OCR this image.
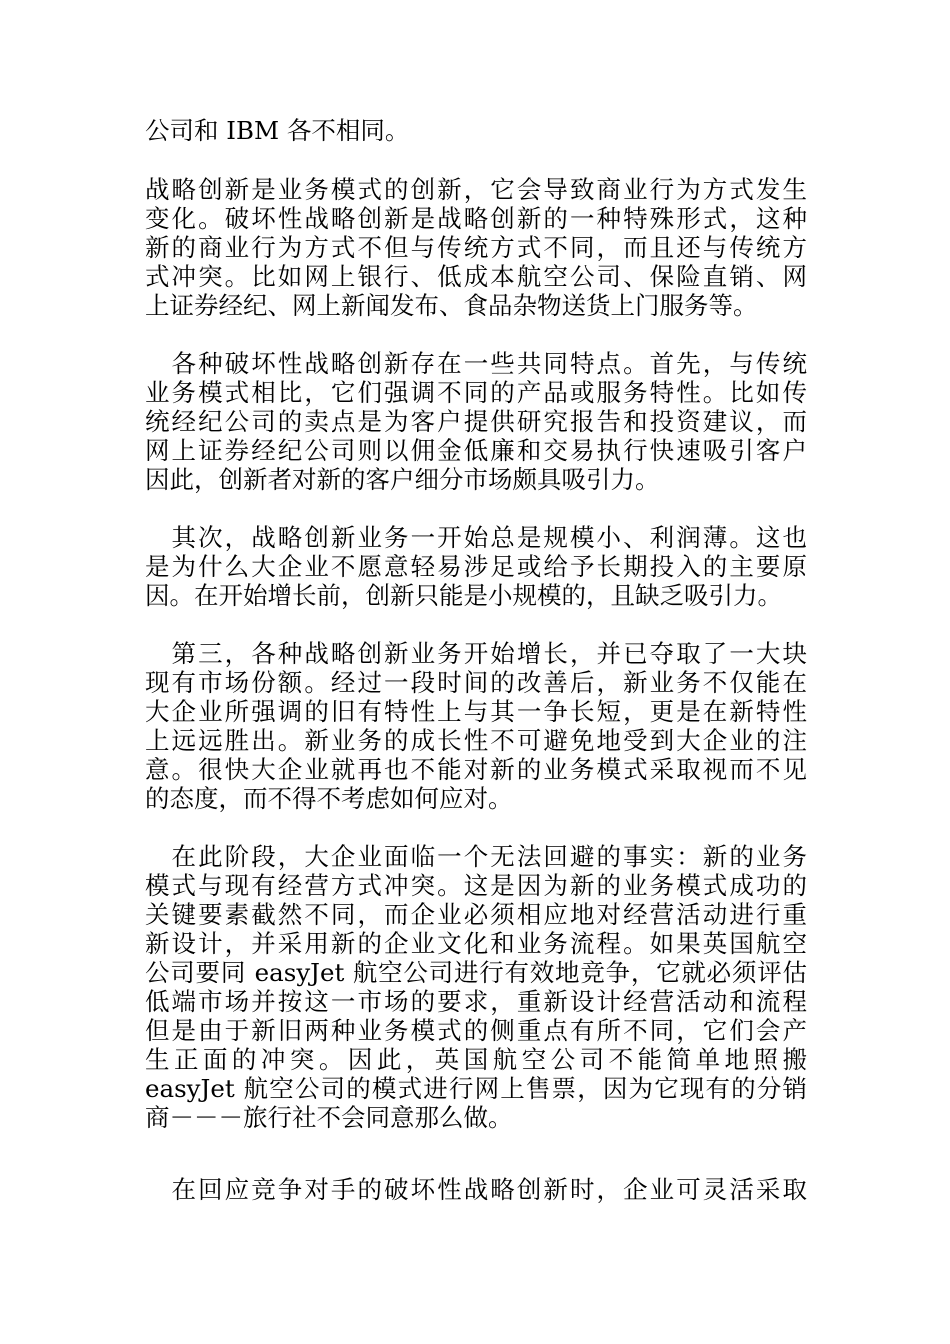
公司和 IBM 各不相同。
战略创新是业务模式的创新，它会导致商业行为方式发生
变化。破坏性战略创新是战略创新的一种特殊形式，这种
新的商业行为方式不但与传统方式不同，而且还与传统方
式冲突。比如网上银行、低成本航空公司、保险直销、网
上证券经纪、网上新闻发布、食品杂物送货上门服务等。
　各种破坏性战略创新存在一些共同特点。首先，与传统
业务模式相比，它们强调不同的产品或服务特性。比如传
统经纪公司的卖点是为客户提供研究报告和投资建议，而
网上证券经纪公司则以佣金低廉和交易执行快速吸引客户
因此，创新者对新的客户细分市场颇具吸引力。
　其次，战略创新业务一开始总是规模小、利润薄。这也
是为什么大企业不愿意轻易涉足或给予长期投入的主要原
因。在开始增长前，创新只能是小规模的，且缺乏吸引力。
　第三，各种战略创新业务开始增长，并已夺取了一大块
现有市场份额。经过一段时间的改善后，新业务不仅能在
大企业所强调的旧有特性上与其一争长短，更是在新特性
上远远胜出。新业务的成长性不可避免地受到大企业的注
意。很快大企业就再也不能对新的业务模式采取视而不见
的态度，而不得不考虑如何应对。
　在此阶段，大企业面临一个无法回避的事实：新的业务
模式与现有经营方式冲突。这是因为新的业务模式成功的
关键要素截然不同，而企业必须相应地对经营活动进行重
新设计，并采用新的企业文化和业务流程。如果英国航空
公司要同 easyJet 航空公司进行有效地竞争，它就必须评估
低端市场并按这一市场的要求，重新设计经营活动和流程
但是由于新旧两种业务模式的侧重点有所不同，它们会产
生正面的冲突。因此，英国航空公司不能简单地照搬
easyJet 航空公司的模式进行网上售票，因为它现有的分销
商－－－旅行社不会同意那么做。
　在回应竞争对手的破坏性战略创新时，企业可灵活采取
